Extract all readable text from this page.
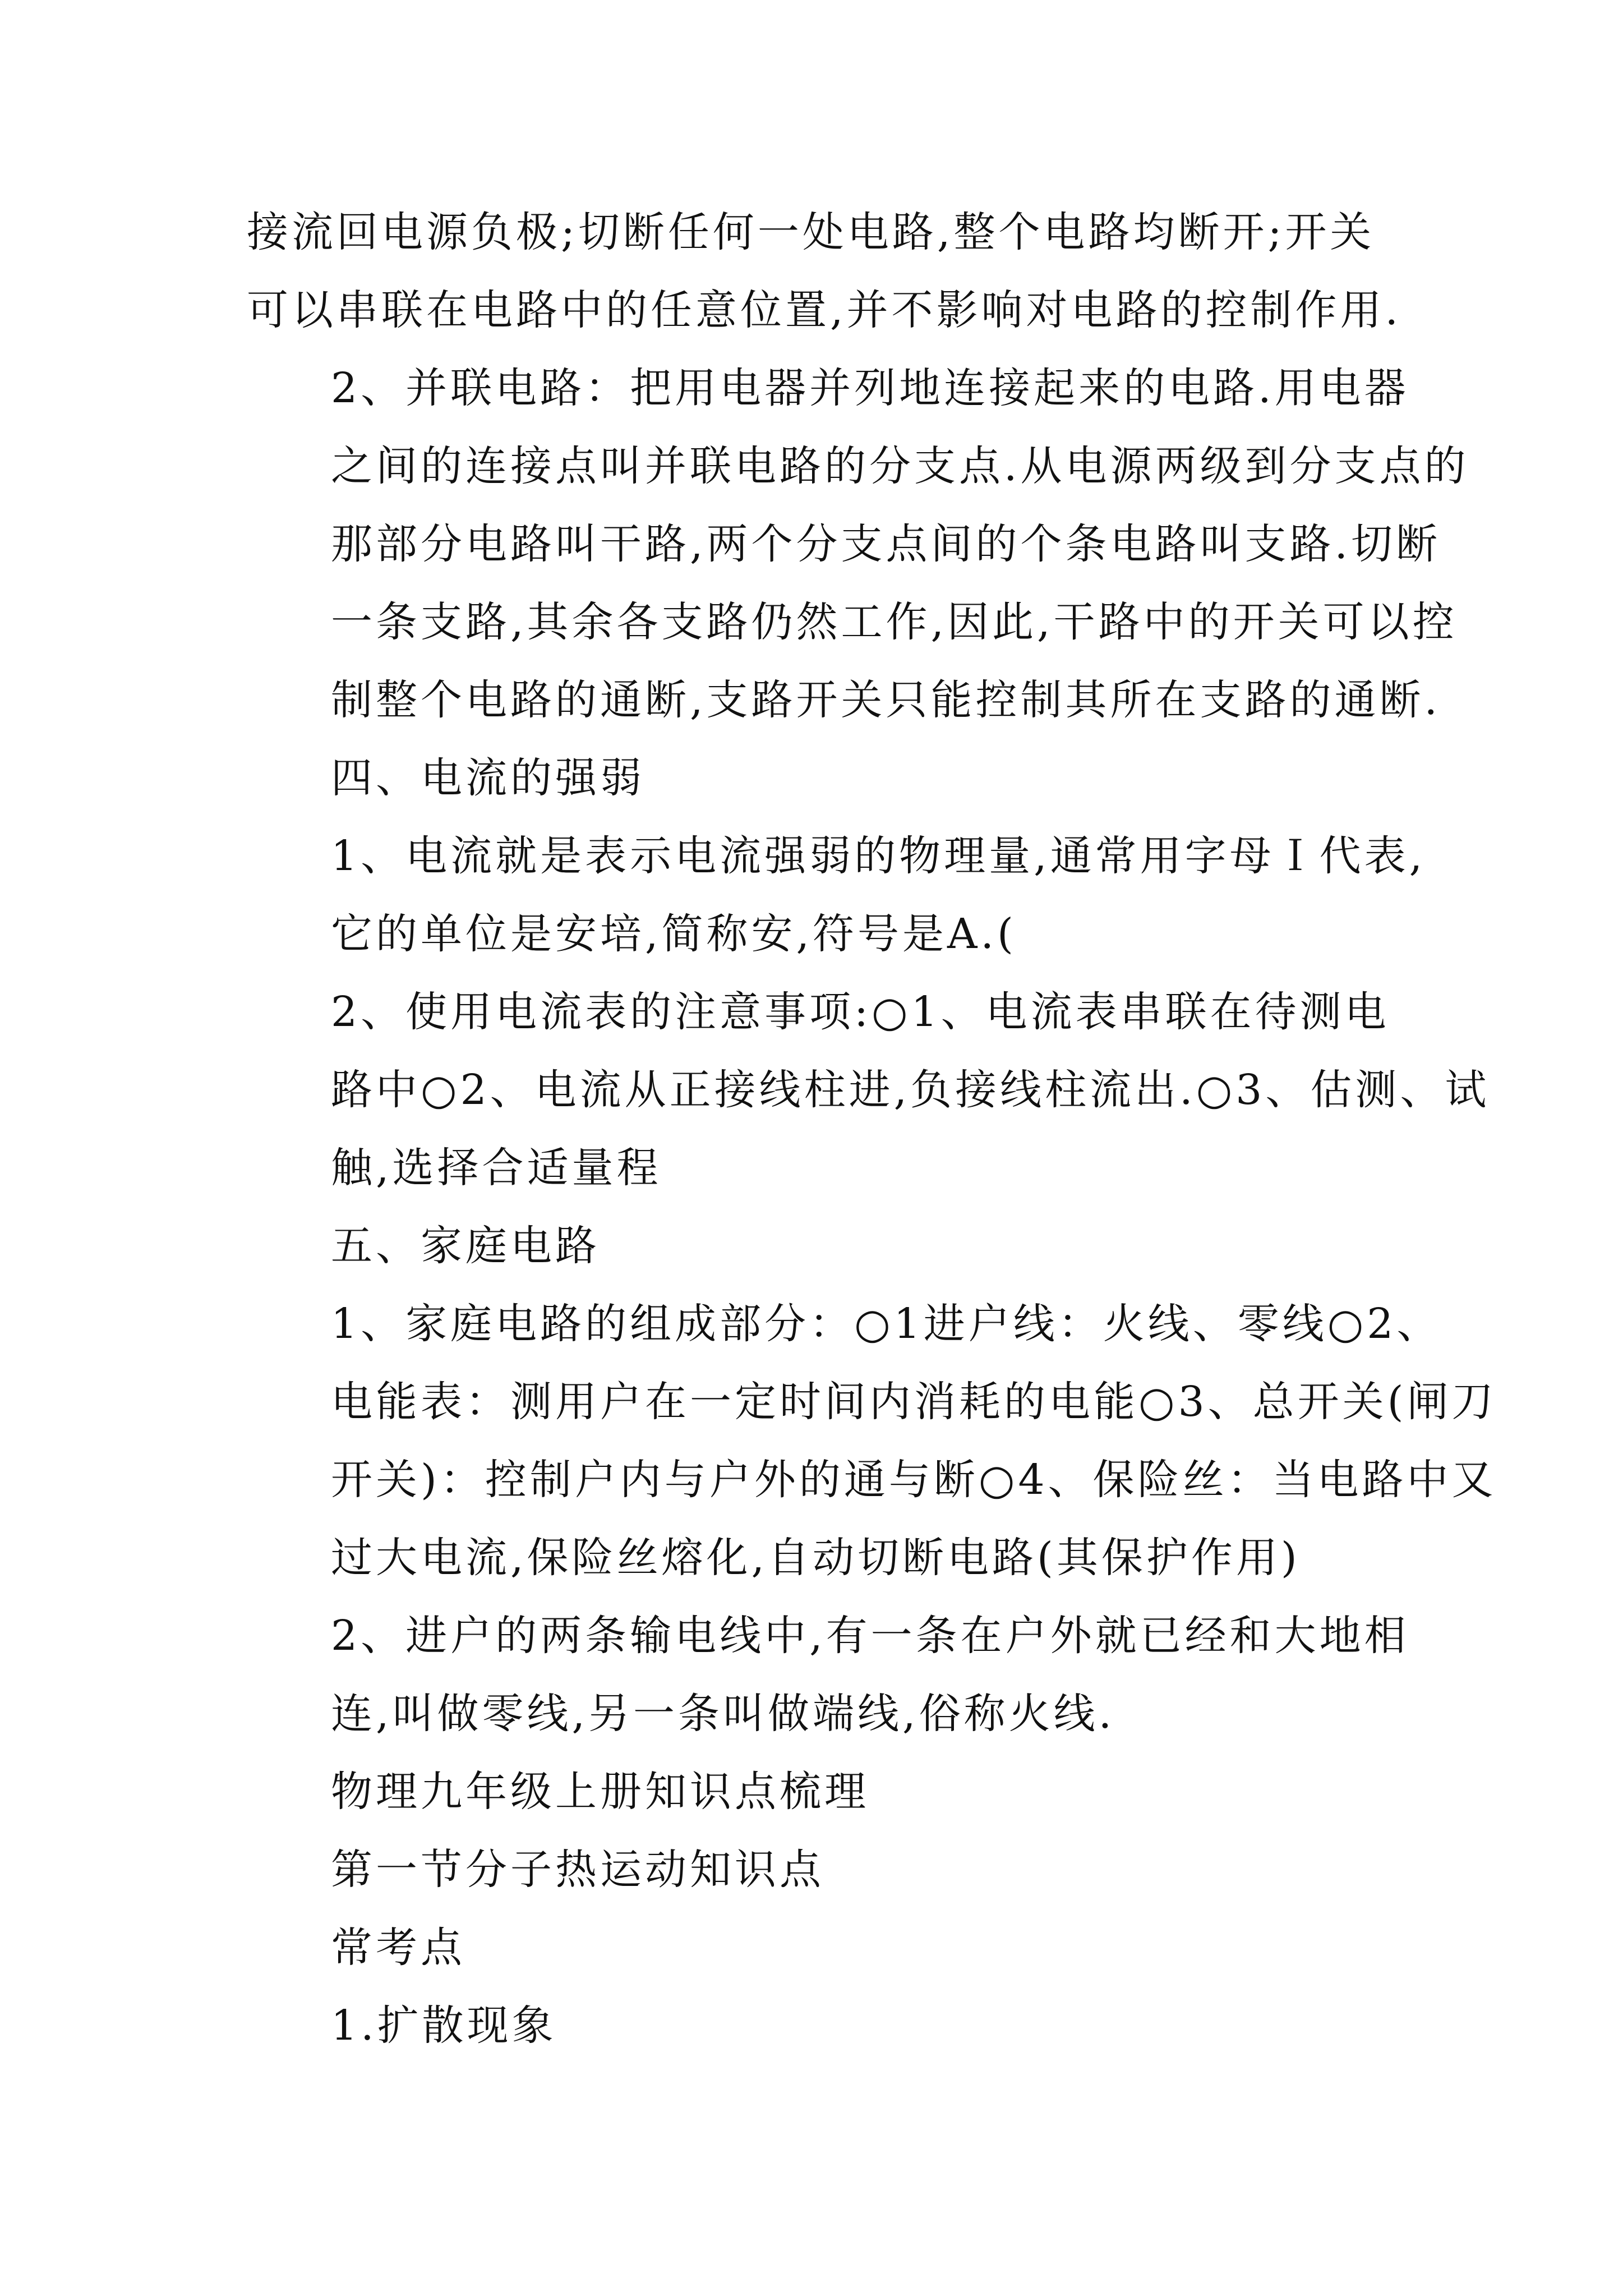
接流回电源负极;切断任何一处电路,整个电路均断开;开关
可以串联在电路中的任意位置,并不影响对电路的控制作用.

2、并联电路：把用电器并列地连接起来的电路.用电器
之间的连接点叫并联电路的分支点.从电源两级到分支点的
那部分电路叫干路,两个分支点间的个条电路叫支路.切断
一条支路,其余各支路仍然工作,因此,干路中的开关可以控
制整个电路的通断,支路开关只能控制其所在支路的通断.

四、电流的强弱

1、电流就是表示电流强弱的物理量,通常用字母Ｉ代表,
它的单位是安培,简称安,符号是A.(

2、使用电流表的注意事项:○1、电流表串联在待测电
路中○2、电流从正接线柱进,负接线柱流出.○3、估测、试
触,选择合适量程

五、家庭电路

1、家庭电路的组成部分：○1进户线：火线、零线○2、
电能表：测用户在一定时间内消耗的电能○3、总开关(闸刀
开关)：控制户内与户外的通与断○4、保险丝：当电路中又
过大电流,保险丝熔化,自动切断电路(其保护作用)

2、进户的两条输电线中,有一条在户外就已经和大地相
连,叫做零线,另一条叫做端线,俗称火线.

物理九年级上册知识点梳理

第一节分子热运动知识点

常考点

1.扩散现象
